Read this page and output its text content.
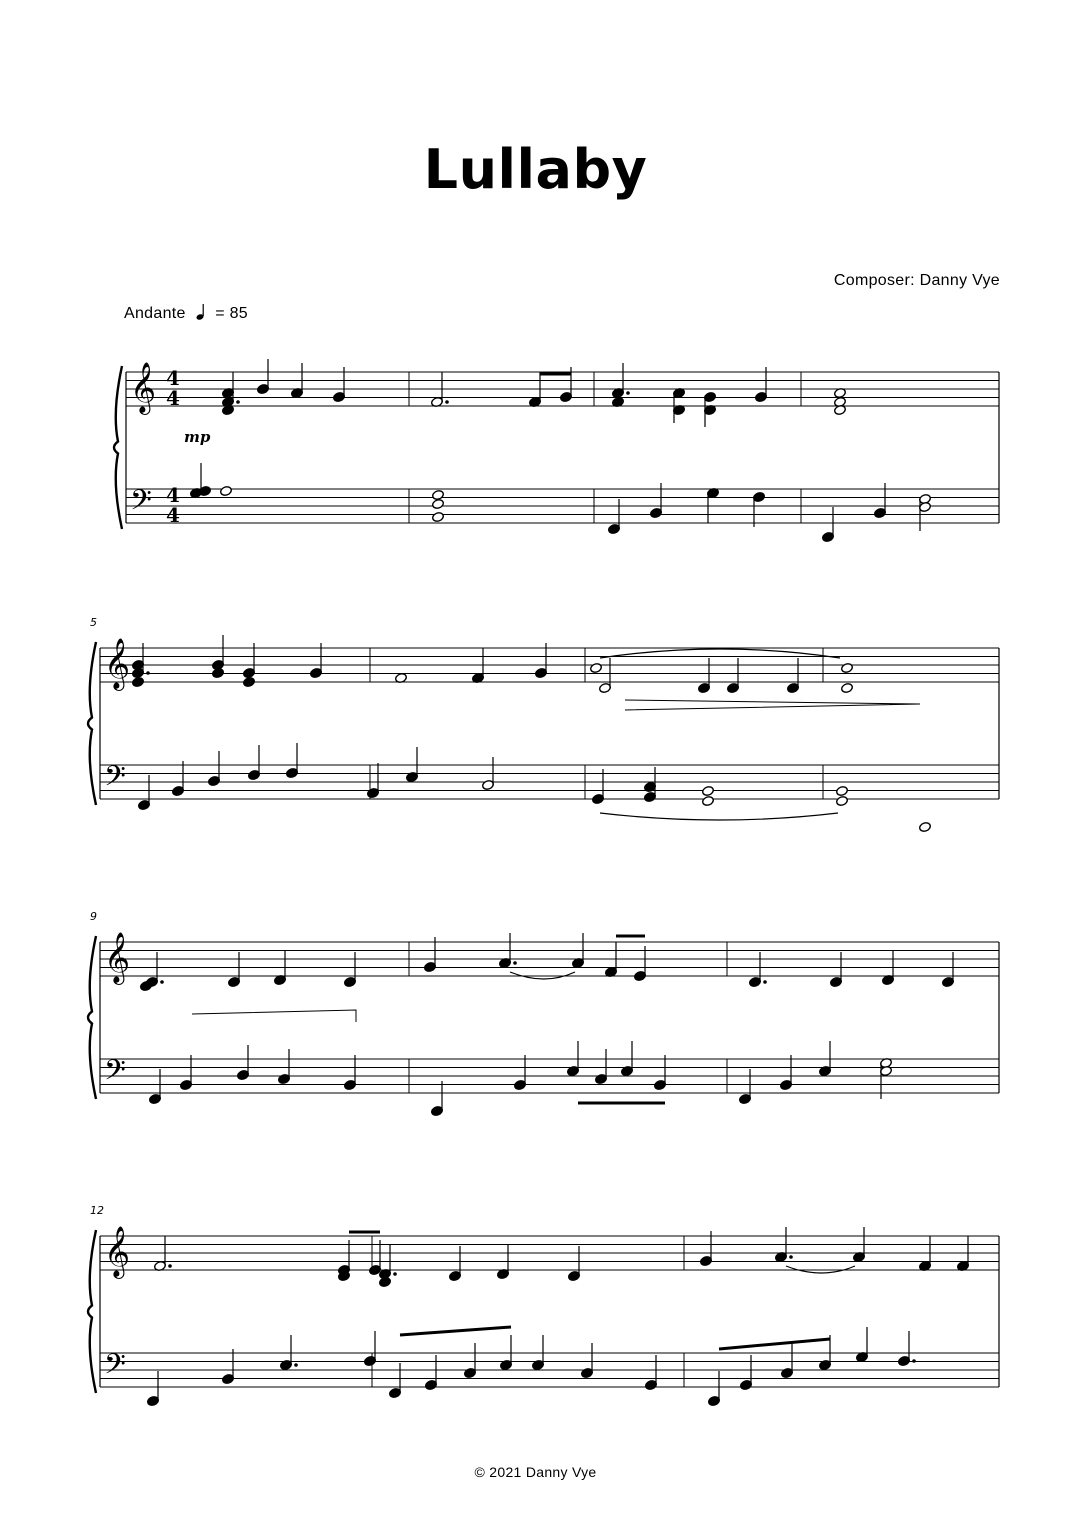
Lullaby
Composer: Danny Vye
Andante = 85
5
9
12
mp
4
4
4
4
𝄞
𝄢
𝄞
𝄢
𝄞
𝄢
𝄞
𝄢
© 2021 Danny Vye
